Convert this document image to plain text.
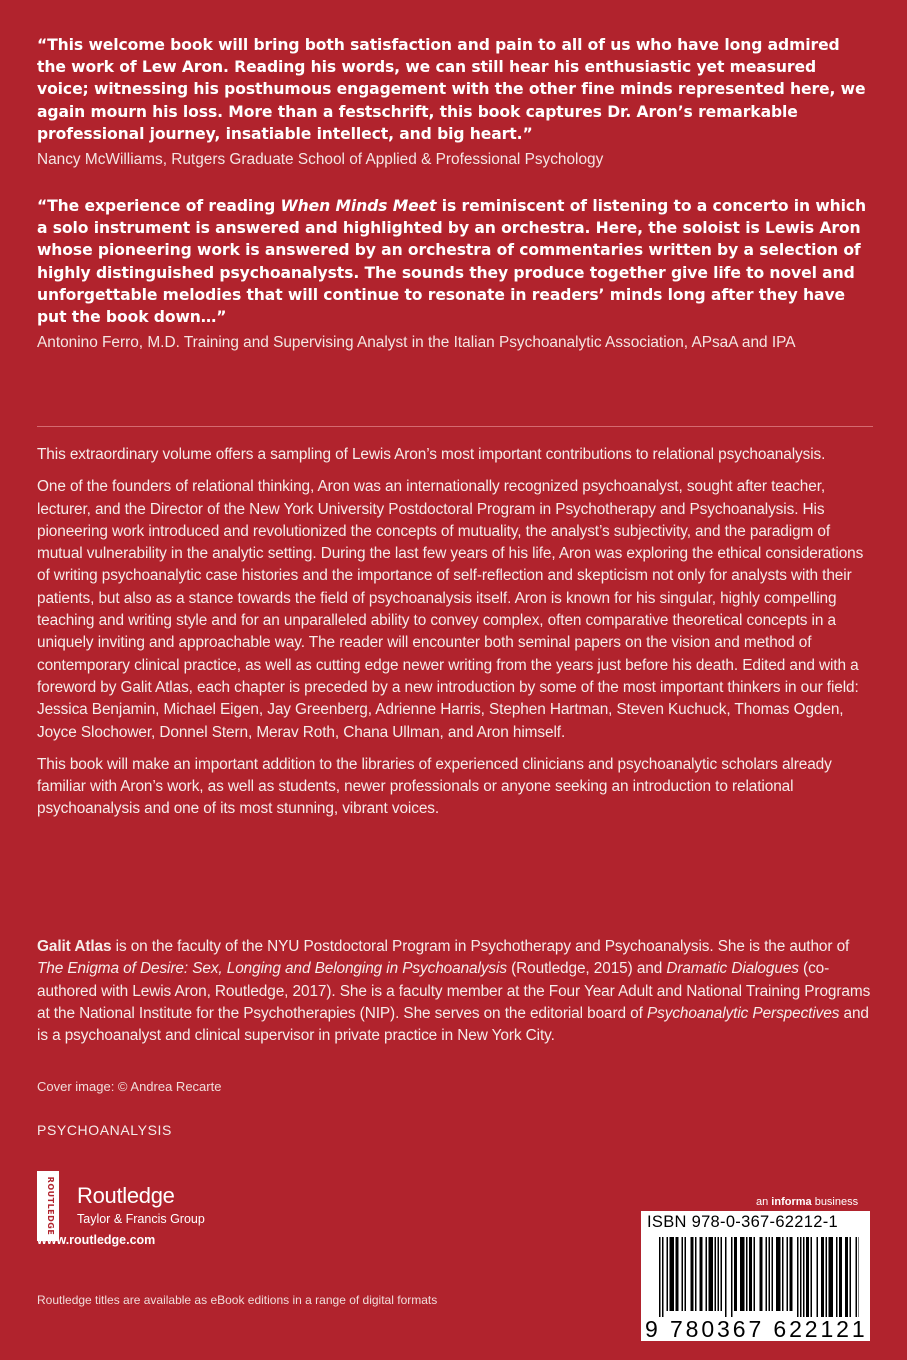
“This welcome book will bring both satisfaction and pain to all of us who have long admired the work of Lew Aron. Reading his words, we can still hear his enthusiastic yet measured voice; witnessing his posthumous engagement with the other fine minds represented here, we again mourn his loss. More than a festschrift, this book captures Dr. Aron’s remarkable professional journey, insatiable intellect, and big heart.”

Nancy McWilliams, Rutgers Graduate School of Applied & Professional Psychology

“The experience of reading When Minds Meet is reminiscent of listening to a concerto in which a solo instrument is answered and highlighted by an orchestra. Here, the soloist is Lewis Aron whose pioneering work is answered by an orchestra of commentaries written by a selection of highly distinguished psychoanalysts. The sounds they produce together give life to novel and unforgettable melodies that will continue to resonate in readers’ minds long after they have put the book down…”

Antonino Ferro, M.D. Training and Supervising Analyst in the Italian Psychoanalytic Association, APsaA and IPA

This extraordinary volume offers a sampling of Lewis Aron’s most important contributions to relational psychoanalysis.

One of the founders of relational thinking, Aron was an internationally recognized psychoanalyst, sought after teacher, lecturer, and the Director of the New York University Postdoctoral Program in Psychotherapy and Psychoanalysis. His pioneering work introduced and revolutionized the concepts of mutuality, the analyst’s subjectivity, and the paradigm of mutual vulnerability in the analytic setting. During the last few years of his life, Aron was exploring the ethical considerations of writing psychoanalytic case histories and the importance of self-reflection and skepticism not only for analysts with their patients, but also as a stance towards the field of psychoanalysis itself. Aron is known for his singular, highly compelling teaching and writing style and for an unparalleled ability to convey complex, often comparative theoretical concepts in a uniquely inviting and approachable way. The reader will encounter both seminal papers on the vision and method of contemporary clinical practice, as well as cutting edge newer writing from the years just before his death. Edited and with a foreword by Galit Atlas, each chapter is preceded by a new introduction by some of the most important thinkers in our field: Jessica Benjamin, Michael Eigen, Jay Greenberg, Adrienne Harris, Stephen Hartman, Steven Kuchuck, Thomas Ogden, Joyce Slochower, Donnel Stern, Merav Roth, Chana Ullman, and Aron himself.

This book will make an important addition to the libraries of experienced clinicians and psychoanalytic scholars already familiar with Aron’s work, as well as students, newer professionals or anyone seeking an introduction to relational psychoanalysis and one of its most stunning, vibrant voices.

Galit Atlas is on the faculty of the NYU Postdoctoral Program in Psychotherapy and Psychoanalysis. She is the author of The Enigma of Desire: Sex, Longing and Belonging in Psychoanalysis (Routledge, 2015) and Dramatic Dialogues (co-authored with Lewis Aron, Routledge, 2017). She is a faculty member at the Four Year Adult and National Training Programs at the National Institute for the Psychotherapies (NIP). She serves on the editorial board of Psychoanalytic Perspectives and is a psychoanalyst and clinical supervisor in private practice in New York City.

Cover image: © Andrea Recarte
PSYCHOANALYSIS
ROUTLEDGE Routledge
Taylor & Francis Group
www.routledge.com
Routledge titles are available as eBook editions in a range of digital formats
an informa business
ISBN 978-0-367-62212-1
9 780367 622121
